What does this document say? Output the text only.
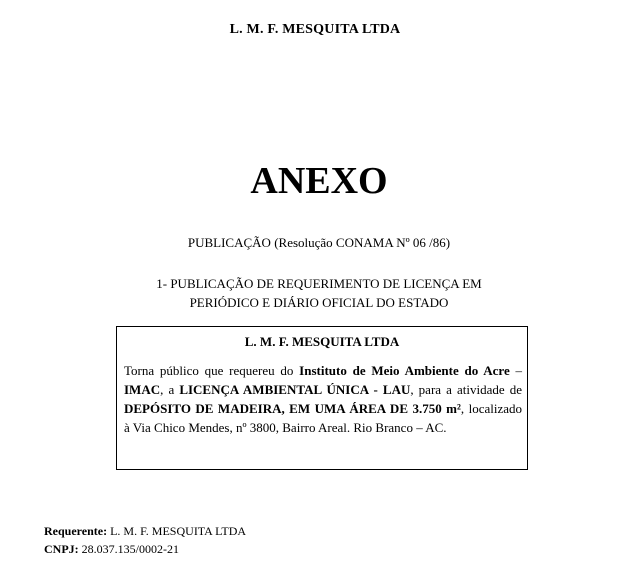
L. M. F. MESQUITA LTDA
ANEXO
PUBLICAÇÃO (Resolução CONAMA Nº 06 /86)
1- PUBLICAÇÃO DE REQUERIMENTO DE LICENÇA EM
PERIÓDICO E DIÁRIO OFICIAL DO ESTADO
L. M. F. MESQUITA LTDA
Torna público que requereu do Instituto de Meio Ambiente do Acre –
IMAC, a LICENÇA AMBIENTAL ÚNICA - LAU, para a atividade de
DEPÓSITO DE MADEIRA, EM UMA ÁREA DE 3.750 m², localizado
à Via Chico Mendes, nº 3800, Bairro Areal. Rio Branco – AC.
Requerente: L. M. F. MESQUITA LTDA
CNPJ: 28.037.135/0002-21
